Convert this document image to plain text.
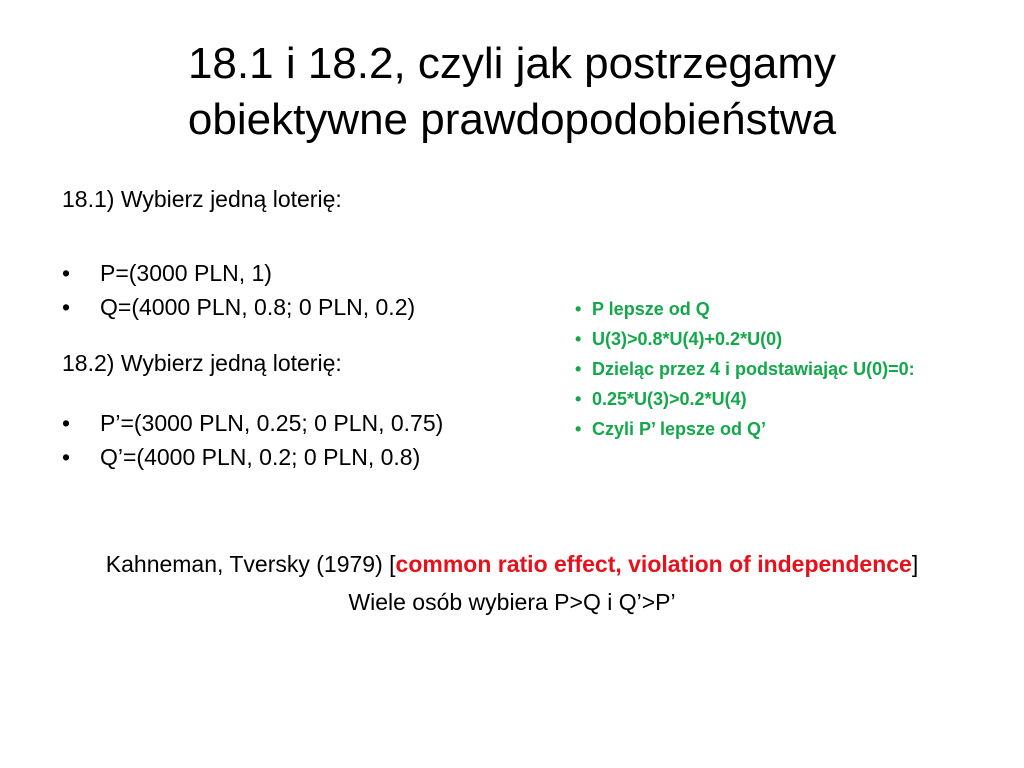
18.1 i 18.2, czyli jak postrzegamy
obiektywne prawdopodobieństwa

18.1) Wybierz jedną loterię:

• P=(3000 PLN, 1)
• Q=(4000 PLN, 0.8; 0 PLN, 0.2)

18.2) Wybierz jedną loterię:

• P’=(3000 PLN, 0.25; 0 PLN, 0.75)
• Q’=(4000 PLN, 0.2; 0 PLN, 0.8)
• P lepsze od Q
• U(3)>0.8*U(4)+0.2*U(0)
• Dzieląc przez 4 i podstawiając U(0)=0:
• 0.25*U(3)>0.2*U(4)
• Czyli P’ lepsze od Q’

Kahneman, Tversky (1979) [common ratio effect, violation of independence]

Wiele osób wybiera P>Q i Q’>P’
